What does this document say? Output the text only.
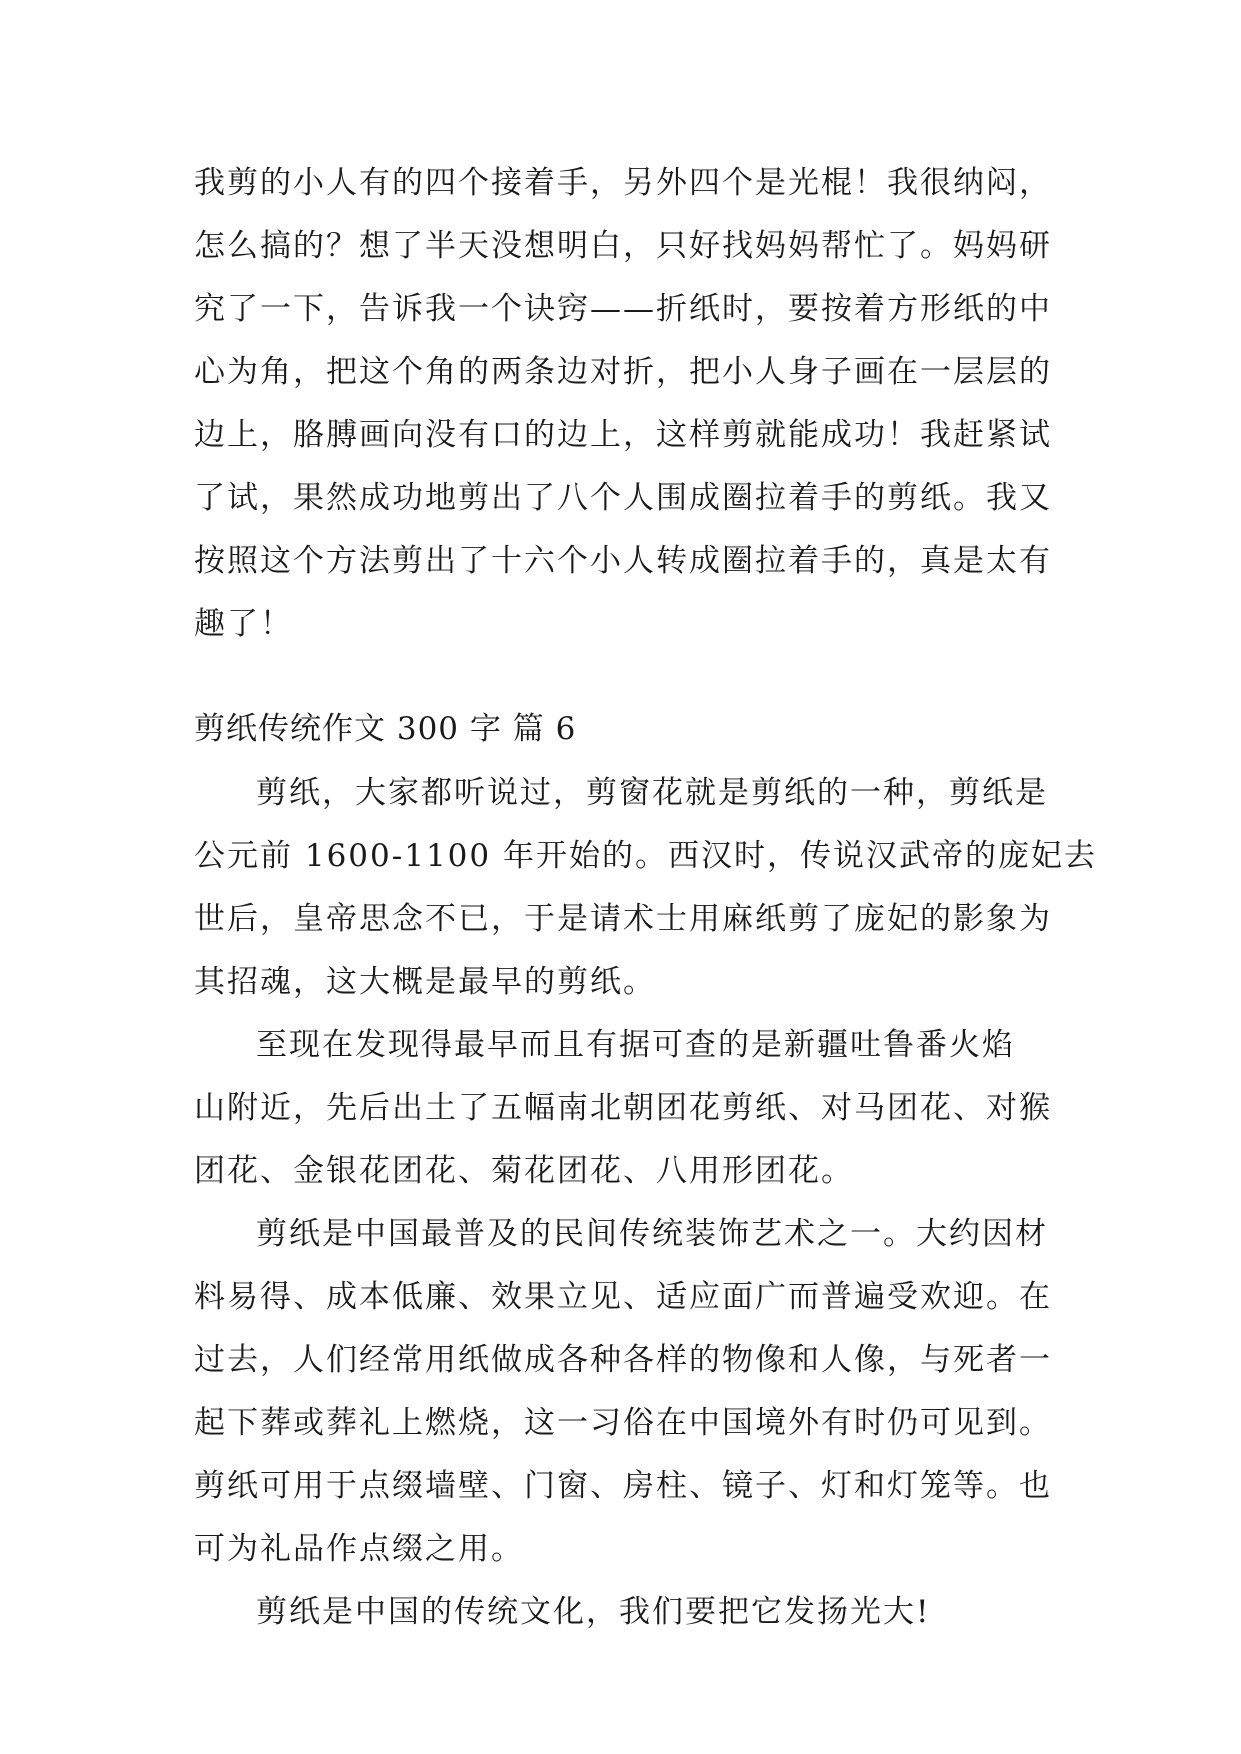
我剪的小人有的四个接着手，另外四个是光棍！我很纳闷，
怎么搞的？想了半天没想明白，只好找妈妈帮忙了。妈妈研
究了一下，告诉我一个诀窍——折纸时，要按着方形纸的中
心为角，把这个角的两条边对折，把小人身子画在一层层的
边上，胳膊画向没有口的边上，这样剪就能成功！我赶紧试
了试，果然成功地剪出了八个人围成圈拉着手的剪纸。我又
按照这个方法剪出了十六个小人转成圈拉着手的，真是太有
趣了！
剪纸传统作文 300 字 篇 6
剪纸，大家都听说过，剪窗花就是剪纸的一种，剪纸是
公元前 1600-1100 年开始的。西汉时，传说汉武帝的庞妃去
世后，皇帝思念不已，于是请术士用麻纸剪了庞妃的影象为
其招魂，这大概是最早的剪纸。
至现在发现得最早而且有据可查的是新疆吐鲁番火焰
山附近，先后出土了五幅南北朝团花剪纸、对马团花、对猴
团花、金银花团花、菊花团花、八用形团花。
剪纸是中国最普及的民间传统装饰艺术之一。大约因材
料易得、成本低廉、效果立见、适应面广而普遍受欢迎。在
过去，人们经常用纸做成各种各样的物像和人像，与死者一
起下葬或葬礼上燃烧，这一习俗在中国境外有时仍可见到。
剪纸可用于点缀墙壁、门窗、房柱、镜子、灯和灯笼等。也
可为礼品作点缀之用。
剪纸是中国的传统文化，我们要把它发扬光大!
